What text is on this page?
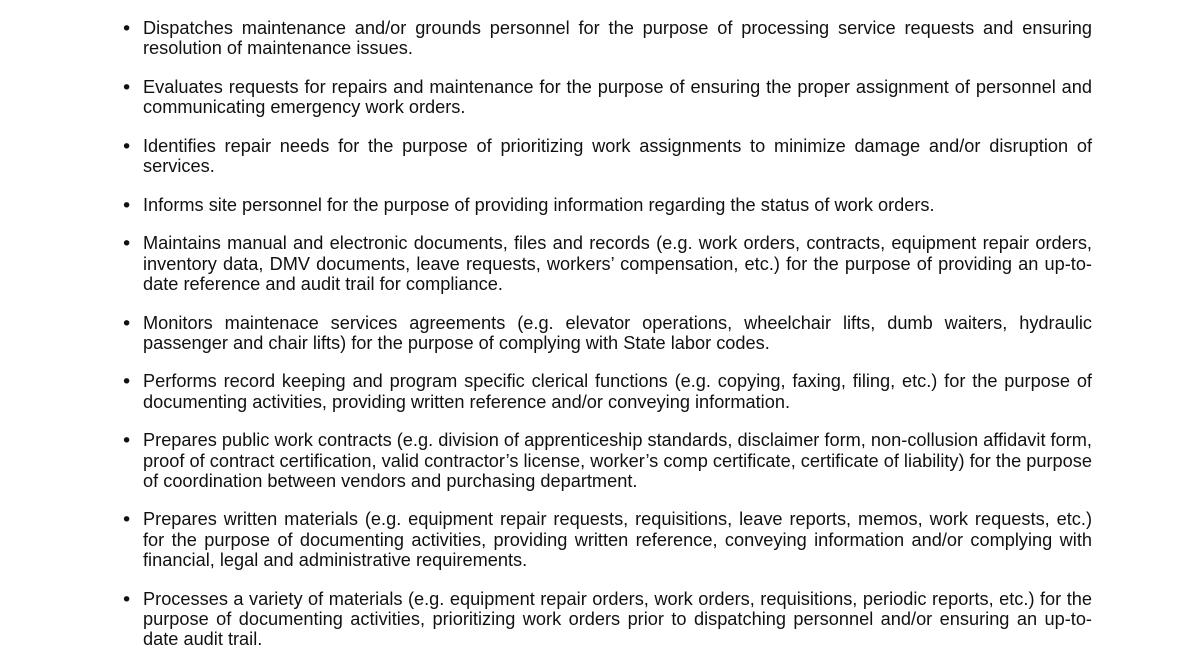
• Dispatches maintenance and/or grounds personnel for the purpose of processing service requests and ensuring resolution of maintenance issues.
• Evaluates requests for repairs and maintenance for the purpose of ensuring the proper assignment of personnel and communicating emergency work orders.
• Identifies repair needs for the purpose of prioritizing work assignments to minimize damage and/or disruption of services.
• Informs site personnel for the purpose of providing information regarding the status of work orders.
• Maintains manual and electronic documents, files and records (e.g. work orders, contracts, equipment repair orders, inventory data, DMV documents, leave requests, workers’ compensation, etc.) for the purpose of providing an up-to-date reference and audit trail for compliance.
• Monitors maintenace services agreements (e.g. elevator operations, wheelchair lifts, dumb waiters, hydraulic passenger and chair lifts) for the purpose of complying with State labor codes.
• Performs record keeping and program specific clerical functions (e.g. copying, faxing, filing, etc.) for the purpose of documenting activities, providing written reference and/or conveying information.
• Prepares public work contracts (e.g. division of apprenticeship standards, disclaimer form, non-collusion affidavit form, proof of contract certification, valid contractor’s license, worker’s comp certificate, certificate of liability) for the purpose of coordination between vendors and purchasing department.
• Prepares written materials (e.g. equipment repair requests, requisitions, leave reports, memos, work requests, etc.) for the purpose of documenting activities, providing written reference, conveying information and/or complying with financial, legal and administrative requirements.
• Processes a variety of materials (e.g. equipment repair orders, work orders, requisitions, periodic reports, etc.) for the purpose of documenting activities, prioritizing work orders prior to dispatching personnel and/or ensuring an up-to-date audit trail.
